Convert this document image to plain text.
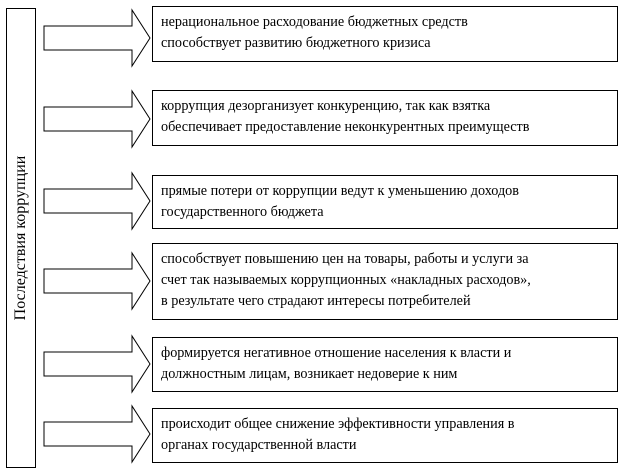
Последствия коррупции
нерациональное расходование бюджетных средств
способствует развитию бюджетного кризиса
коррупция дезорганизует конкуренцию, так как взятка
обеспечивает предоставление неконкурентных преимуществ
прямые потери от коррупции ведут к уменьшению доходов
государственного бюджета
способствует повышению цен на товары, работы и услуги за
счет так называемых коррупционных «накладных расходов»,
в результате чего страдают интересы потребителей
формируется негативное отношение населения к власти и
должностным лицам, возникает недоверие к ним
происходит общее снижение эффективности управления в
органах государственной власти
